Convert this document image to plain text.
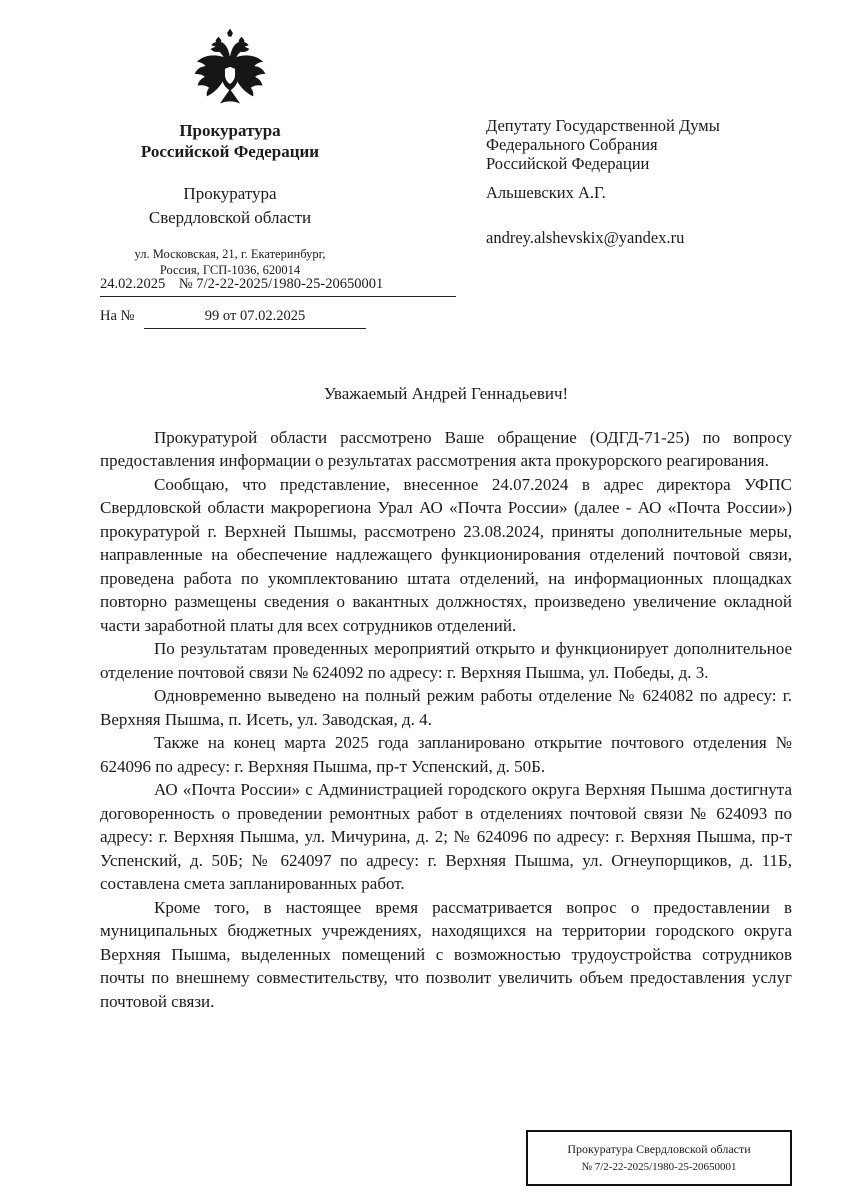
Прокуратура
Российской Федерации
Прокуратура
Свердловской области
ул. Московская, 21, г. Екатеринбург,
Россия, ГСП-1036, 620014
24.02.2025 № 7/2-22-2025/1980-25-20650001
На №	99 от 07.02.2025
Депутату Государственной Думы
Федерального Собрания
Российской Федерации
Альшевских А.Г.
andrey.alshevskix@yandex.ru

Уважаемый Андрей Геннадьевич!

Прокуратурой области рассмотрено Ваше обращение (ОДГД-71-25) по вопросу предоставления информации о результатах рассмотрения акта прокурорского реагирования.

Сообщаю, что представление, внесенное 24.07.2024 в адрес директора УФПС Свердловской области макрорегиона Урал АО «Почта России» (далее - АО «Почта России») прокуратурой г. Верхней Пышмы, рассмотрено 23.08.2024, приняты дополнительные меры, направленные на обеспечение надлежащего функционирования отделений почтовой связи, проведена работа по укомплектованию штата отделений, на информационных площадках повторно размещены сведения о вакантных должностях, произведено увеличение окладной части заработной платы для всех сотрудников отделений.

По результатам проведенных мероприятий открыто и функционирует дополнительное отделение почтовой связи № 624092 по адресу: г. Верхняя Пышма, ул. Победы, д. 3.

Одновременно выведено на полный режим работы отделение № 624082 по адресу: г. Верхняя Пышма, п. Исеть, ул. Заводская, д. 4.

Также на конец марта 2025 года запланировано открытие почтового отделения № 624096 по адресу: г. Верхняя Пышма, пр-т Успенский, д. 50Б.

АО «Почта России» с Администрацией городского округа Верхняя Пышма достигнута договоренность о проведении ремонтных работ в отделениях почтовой связи № 624093 по адресу: г. Верхняя Пышма, ул. Мичурина, д. 2; № 624096 по адресу: г. Верхняя Пышма, пр-т Успенский, д. 50Б; № 624097 по адресу: г. Верхняя Пышма, ул. Огнеупорщиков, д. 11Б, составлена смета запланированных работ.

Кроме того, в настоящее время рассматривается вопрос о предоставлении в муниципальных бюджетных учреждениях, находящихся на территории городского округа Верхняя Пышма, выделенных помещений с возможностью трудоустройства сотрудников почты по внешнему совместительству, что позволит увеличить объем предоставления услуг почтовой связи.

Прокуратура Свердловской области
№ 7/2-22-2025/1980-25-20650001
